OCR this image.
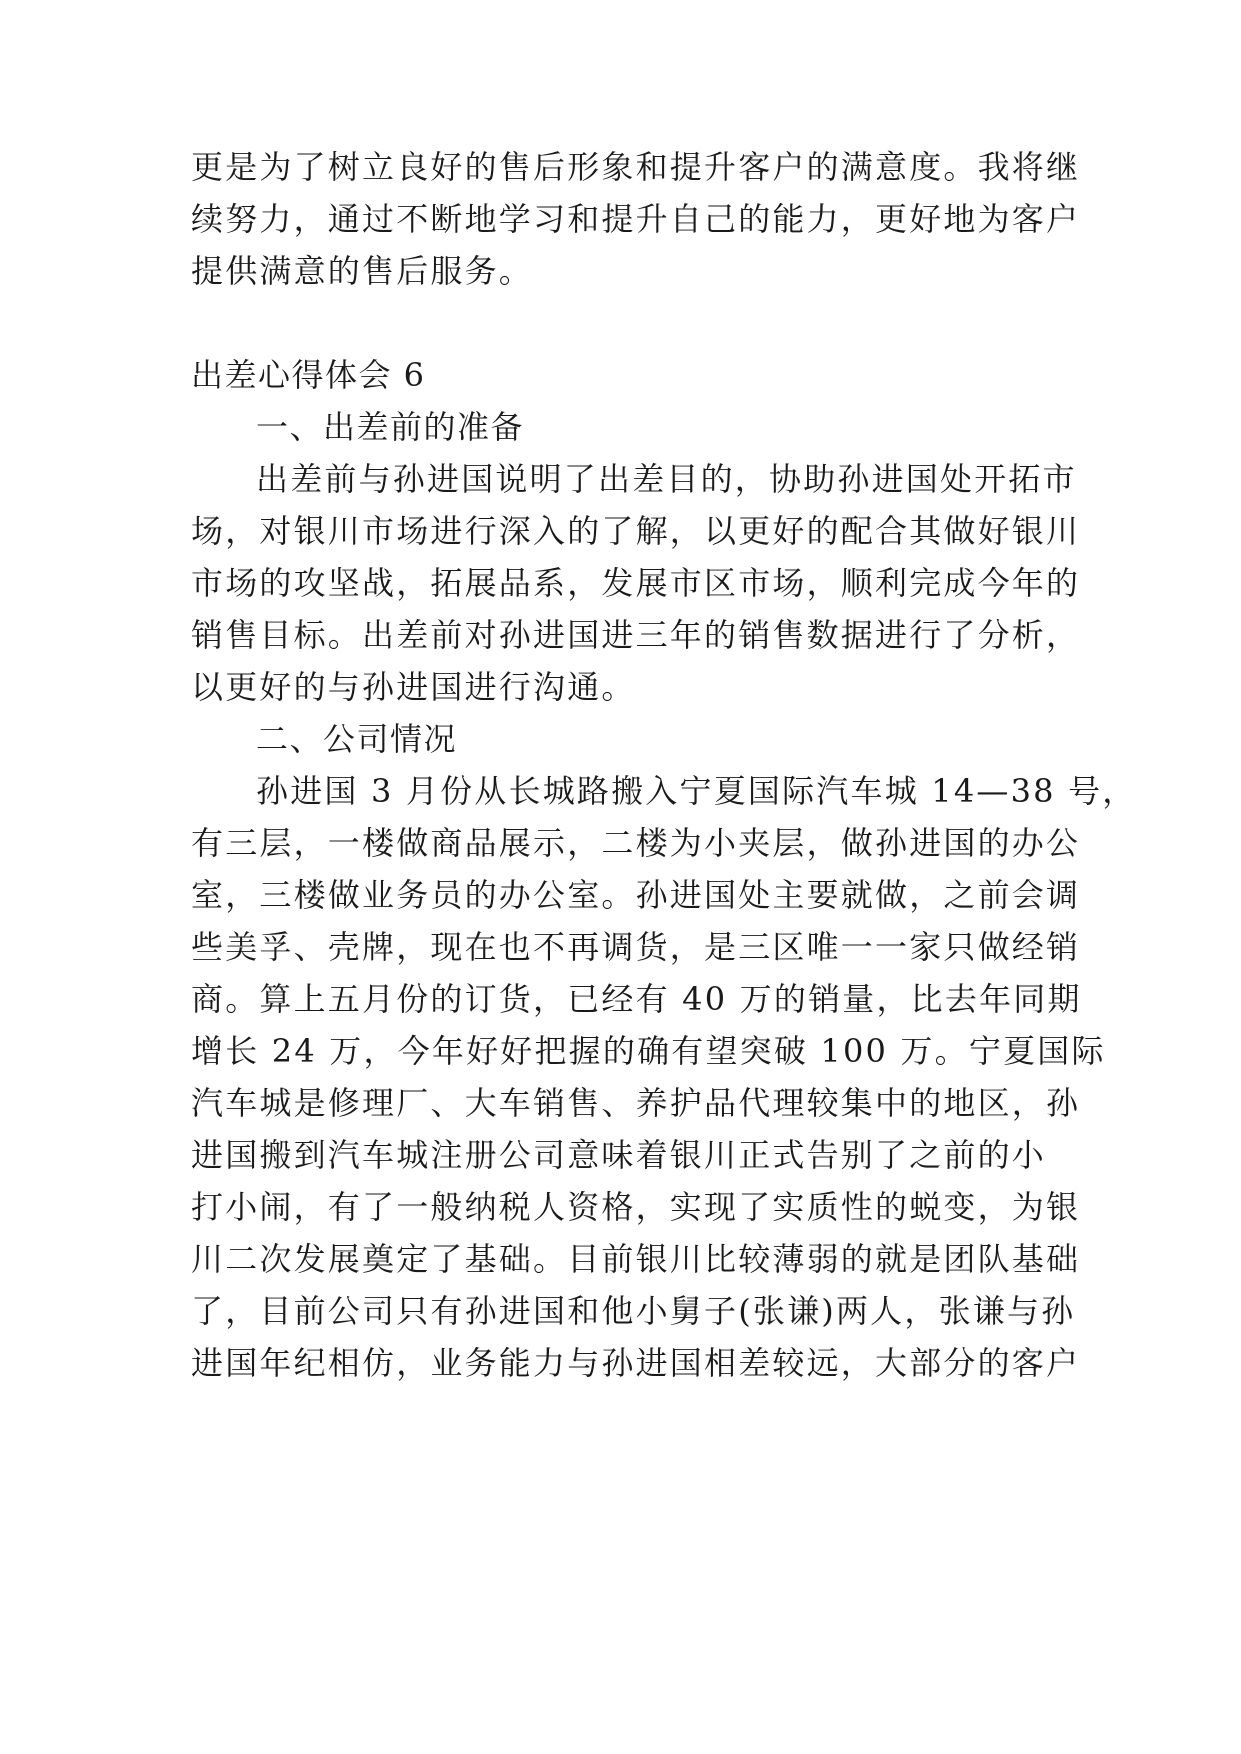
更是为了树立良好的售后形象和提升客户的满意度。我将继
续努力，通过不断地学习和提升自己的能力，更好地为客户
提供满意的售后服务。
出差心得体会 6
一、出差前的准备
出差前与孙进国说明了出差目的，协助孙进国处开拓市
场，对银川市场进行深入的了解，以更好的配合其做好银川
市场的攻坚战，拓展品系，发展市区市场，顺利完成今年的
销售目标。出差前对孙进国进三年的销售数据进行了分析，
以更好的与孙进国进行沟通。
二、公司情况
孙进国 3 月份从长城路搬入宁夏国际汽车城 14—38 号，
有三层，一楼做商品展示，二楼为小夹层，做孙进国的办公
室，三楼做业务员的办公室。孙进国处主要就做，之前会调
些美孚、壳牌，现在也不再调货，是三区唯一一家只做经销
商。算上五月份的订货，已经有 40 万的销量，比去年同期
增长 24 万，今年好好把握的确有望突破 100 万。宁夏国际
汽车城是修理厂、大车销售、养护品代理较集中的地区，孙
进国搬到汽车城注册公司意味着银川正式告别了之前的小
打小闹，有了一般纳税人资格，实现了实质性的蜕变，为银
川二次发展奠定了基础。目前银川比较薄弱的就是团队基础
了，目前公司只有孙进国和他小舅子(张谦)两人，张谦与孙
进国年纪相仿，业务能力与孙进国相差较远，大部分的客户
